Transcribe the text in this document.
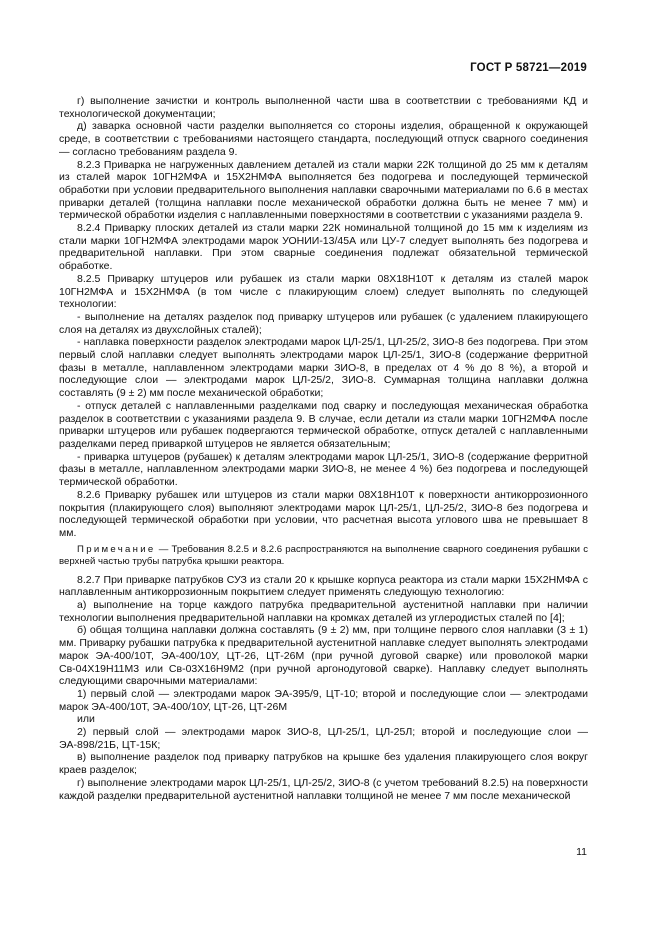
ГОСТ Р 58721—2019

г) выполнение зачистки и контроль выполненной части шва в соответствии с требованиями КД и технологической документации;

д) заварка основной части разделки выполняется со стороны изделия, обращенной к окружающей среде, в соответствии с требованиями настоящего стандарта, последующий отпуск сварного соединения — согласно требованиям раздела 9.

8.2.3 Приварка не нагруженных давлением деталей из стали марки 22К толщиной до 25 мм к деталям из сталей марок 10ГН2МФА и 15Х2НМФА выполняется без подогрева и последующей термической обработки при условии предварительного выполнения наплавки сварочными материалами по 6.6 в местах приварки деталей (толщина наплавки после механической обработки должна быть не менее 7 мм) и термической обработки изделия с наплавленными поверхностями в соответствии с указаниями раздела 9.

8.2.4 Приварку плоских деталей из стали марки 22К номинальной толщиной до 15 мм к изделиям из стали марки 10ГН2МФА электродами марок УОНИИ-13/45А или ЦУ-7 следует выполнять без подогрева и предварительной наплавки. При этом сварные соединения подлежат обязательной термической обработке.

8.2.5 Приварку штуцеров или рубашек из стали марки 08Х18Н10Т к деталям из сталей марок 10ГН2МФА и 15Х2НМФА (в том числе с плакирующим слоем) следует выполнять по следующей технологии:

- выполнение на деталях разделок под приварку штуцеров или рубашек (с удалением плакирующего слоя на деталях из двухслойных сталей);

- наплавка поверхности разделок электродами марок ЦЛ-25/1, ЦЛ-25/2, ЗИО-8 без подогрева. При этом первый слой наплавки следует выполнять электродами марок ЦЛ-25/1, ЗИО-8 (содержание ферритной фазы в металле, наплавленном электродами марки ЗИО-8, в пределах от 4 % до 8 %), а второй и последующие слои — электродами марок ЦЛ-25/2, ЗИО-8. Суммарная толщина наплавки должна составлять (9 ± 2) мм после механической обработки;

- отпуск деталей с наплавленными разделками под сварку и последующая механическая обработка разделок в соответствии с указаниями раздела 9. В случае, если детали из стали марки 10ГН2МФА после приварки штуцеров или рубашек подвергаются термической обработке, отпуск деталей с наплавленными разделками перед приваркой штуцеров не является обязательным;

- приварка штуцеров (рубашек) к деталям электродами марок ЦЛ-25/1, ЗИО-8 (содержание ферритной фазы в металле, наплавленном электродами марки ЗИО-8, не менее 4 %) без подогрева и последующей термической обработки.

8.2.6 Приварку рубашек или штуцеров из стали марки 08Х18Н10Т к поверхности антикоррозионного покрытия (плакирующего слоя) выполняют электродами марок ЦЛ-25/1, ЦЛ-25/2, ЗИО-8 без подогрева и последующей термической обработки при условии, что расчетная высота углового шва не превышает 8 мм.

Примечание — Требования 8.2.5 и 8.2.6 распространяются на выполнение сварного соединения рубашки с верхней частью трубы патрубка крышки реактора.

8.2.7 При приварке патрубков СУЗ из стали 20 к крышке корпуса реактора из стали марки 15Х2НМФА с наплавленным антикоррозионным покрытием следует применять следующую технологию:

а) выполнение на торце каждого патрубка предварительной аустенитной наплавки при наличии технологии выполнения предварительной наплавки на кромках деталей из углеродистых сталей по [4];

б) общая толщина наплавки должна составлять (9 ± 2) мм, при толщине первого слоя наплавки (3 ± 1) мм. Приварку рубашки патрубка к предварительной аустенитной наплавке следует выполнять электродами марок ЭА-400/10Т, ЭА-400/10У, ЦТ-26, ЦТ-26М (при ручной дуговой сварке) или проволокой марки Св-04Х19Н11М3 или Св-03Х16Н9М2 (при ручной аргонодуговой сварке). Наплавку следует выполнять следующими сварочными материалами:

1) первый слой — электродами марок ЭА-395/9, ЦТ-10; второй и последующие слои — электродами марок ЭА-400/10Т, ЭА-400/10У, ЦТ-26, ЦТ-26М

или

2) первый слой — электродами марок ЗИО-8, ЦЛ-25/1, ЦЛ-25Л; второй и последующие слои — ЭА-898/21Б, ЦТ-15К;

в) выполнение разделок под приварку патрубков на крышке без удаления плакирующего слоя вокруг краев разделок;

г) выполнение электродами марок ЦЛ-25/1, ЦЛ-25/2, ЗИО-8 (с учетом требований 8.2.5) на поверхности каждой разделки предварительной аустенитной наплавки толщиной не менее 7 мм после механической

11
